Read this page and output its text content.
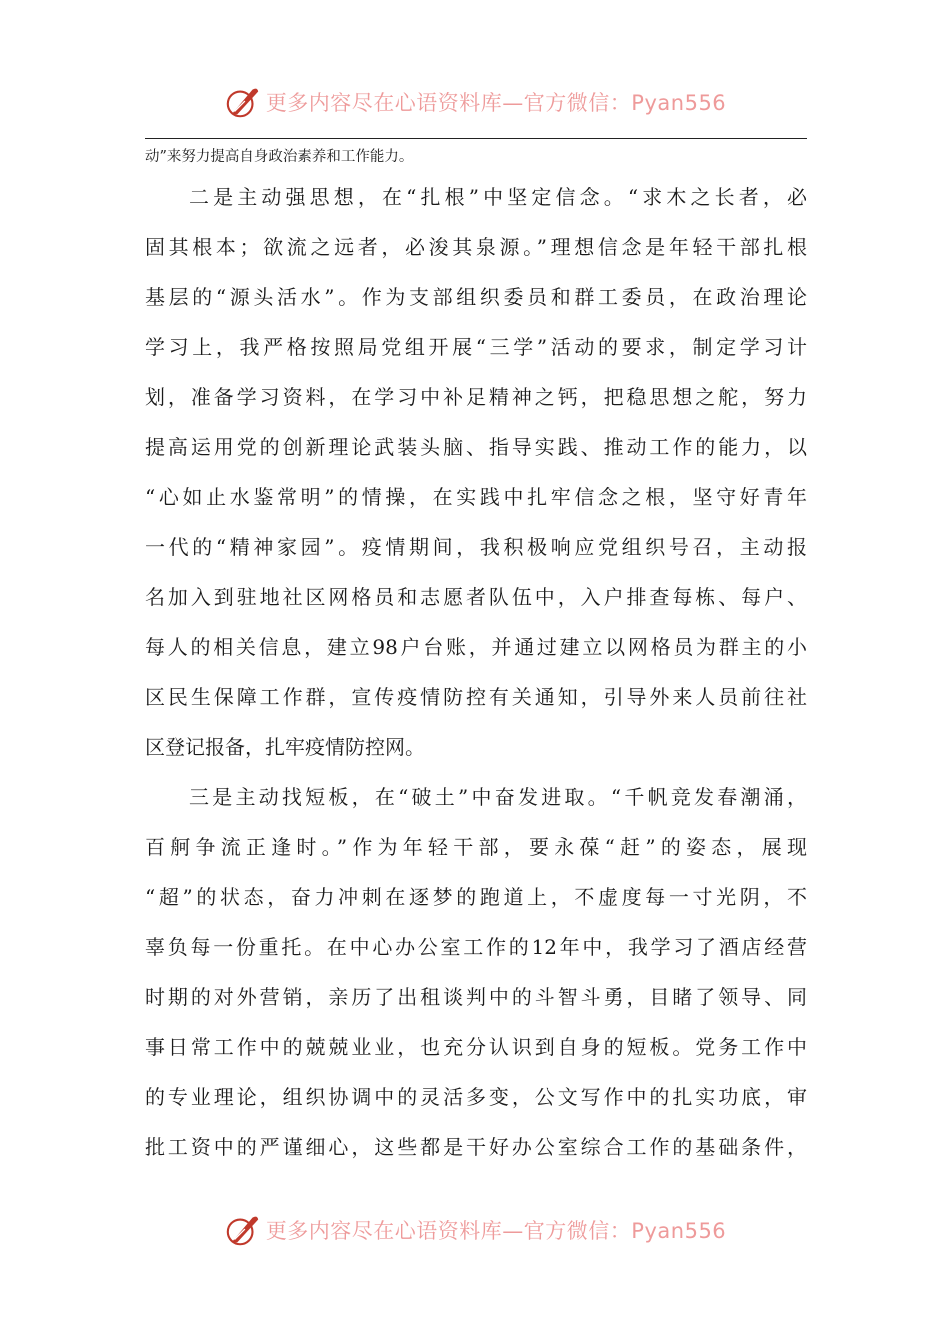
更多内容尽在心语资料库—官方微信：Pyan556
动”来努力提高自身政治素养和工作能力。
二是主动强思想，在“扎根”中坚定信念。“求木之长者，必
固其根本；欲流之远者，必浚其泉源。”理想信念是年轻干部扎根
基层的“源头活水”。作为支部组织委员和群工委员，在政治理论
学习上，我严格按照局党组开展“三学”活动的要求，制定学习计
划，准备学习资料，在学习中补足精神之钙，把稳思想之舵，努力
提高运用党的创新理论武装头脑、指导实践、推动工作的能力，以
“心如止水鉴常明”的情操，在实践中扎牢信念之根，坚守好青年
一代的“精神家园”。疫情期间，我积极响应党组织号召，主动报
名加入到驻地社区网格员和志愿者队伍中，入户排查每栋、每户、
每人的相关信息，建立98户台账，并通过建立以网格员为群主的小
区民生保障工作群，宣传疫情防控有关通知，引导外来人员前往社
区登记报备，扎牢疫情防控网。
三是主动找短板，在“破土”中奋发进取。“千帆竞发春潮涌，
百舸争流正逢时。”作为年轻干部，要永葆“赶”的姿态，展现
“超”的状态，奋力冲刺在逐梦的跑道上，不虚度每一寸光阴，不
辜负每一份重托。在中心办公室工作的12年中，我学习了酒店经营
时期的对外营销，亲历了出租谈判中的斗智斗勇，目睹了领导、同
事日常工作中的兢兢业业，也充分认识到自身的短板。党务工作中
的专业理论，组织协调中的灵活多变，公文写作中的扎实功底，审
批工资中的严谨细心，这些都是干好办公室综合工作的基础条件，
更多内容尽在心语资料库—官方微信：Pyan556
